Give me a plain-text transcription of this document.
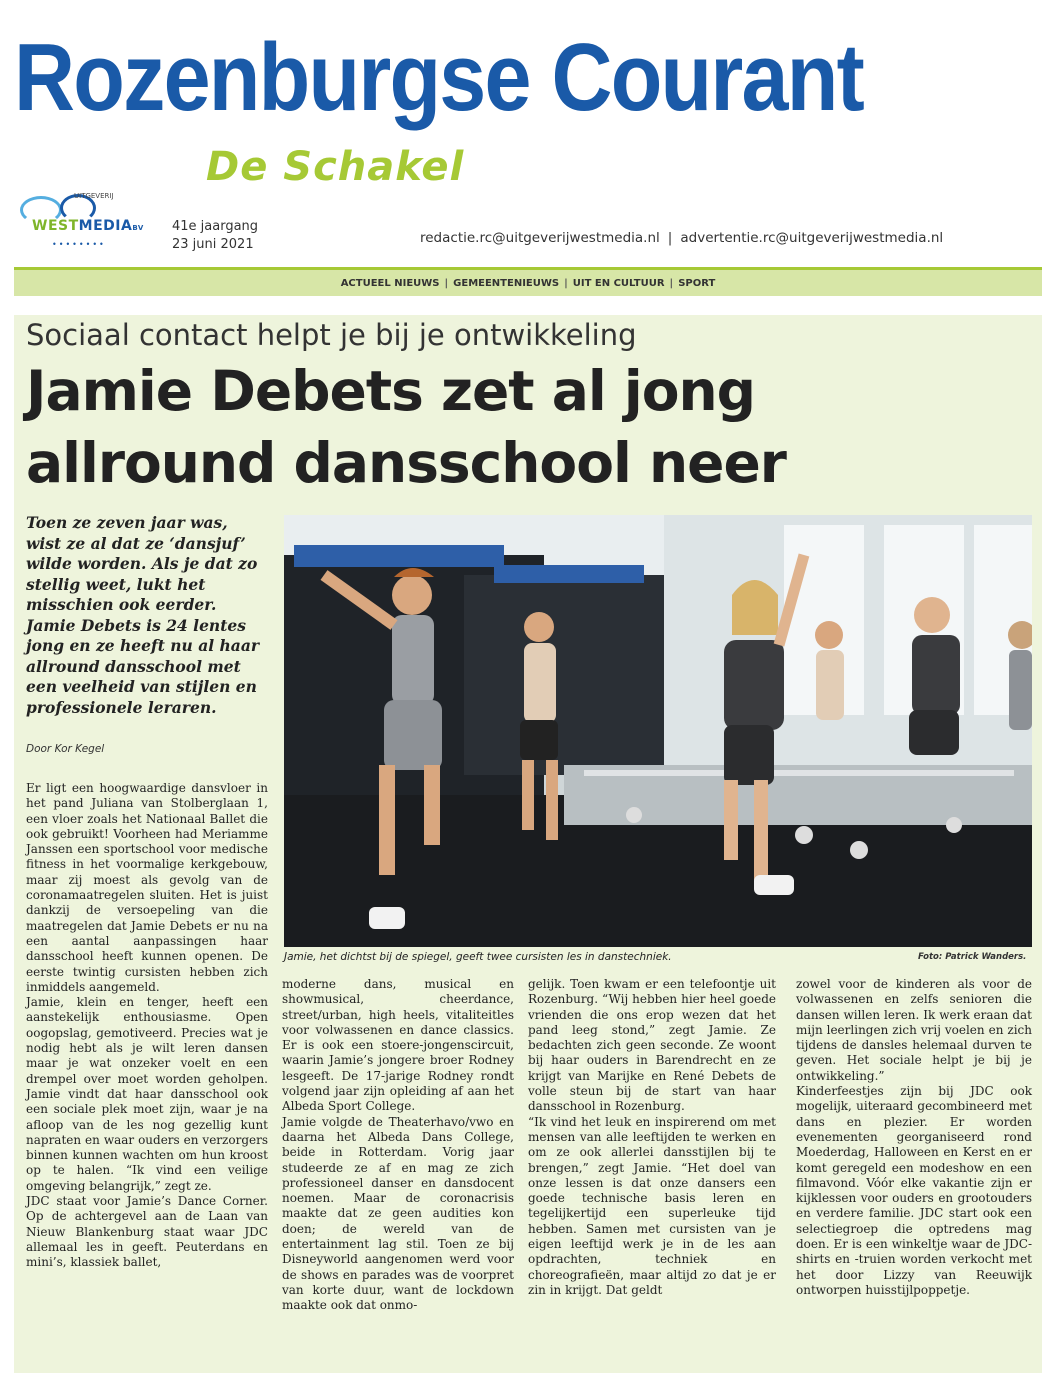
Rozenburgse Courant
De Schakel
UITGEVERIJ
WESTMEDIABV
••••••••
41e jaargang
23 juni 2021	redactie.rc@uitgeverijwestmedia.nl | advertentie.rc@uitgeverijwestmedia.nl
ACTUEEL NIEUWS | GEMEENTENIEUWS | UIT EN CULTUUR | SPORT
Sociaal contact helpt je bij je ontwikkeling
Jamie Debets zet al jong
allround dansschool neer
Toen ze zeven jaar was, wist ze al dat ze ‘dansjuf’ wilde worden. Als je dat zo stellig weet, lukt het misschien ook eerder. Jamie Debets is 24 lentes jong en ze heeft nu al haar allround dansschool met een veelheid van stijlen en professionele leraren.
Door Kor Kegel
Jamie, het dichtst bij de spiegel, geeft twee cursisten les in danstechniek.	Foto: Patrick Wanders.

Er ligt een hoogwaardige dansvloer in het pand Juliana van Stolberglaan 1, een vloer zoals het Nationaal Ballet die ook gebruikt! Voorheen had Meriamme Janssen een sportschool voor medische fitness in het voormalige kerkgebouw, maar zij moest als gevolg van de coronamaatregelen sluiten. Het is juist dankzij de versoepeling van die maatregelen dat Jamie Debets er nu na een aantal aanpassingen haar dansschool heeft kunnen openen. De eerste twintig cursisten hebben zich inmiddels aangemeld.

Jamie, klein en tenger, heeft een aanstekelijk enthousiasme. Open oogopslag, gemotiveerd. Precies wat je nodig hebt als je wilt leren dansen maar je wat onzeker voelt en een drempel over moet worden geholpen. Jamie vindt dat haar dansschool ook een sociale plek moet zijn, waar je na afloop van de les nog gezellig kunt napraten en waar ouders en verzorgers binnen kunnen wachten om hun kroost op te halen. “Ik vind een veilige omgeving belangrijk,” zegt ze.

JDC staat voor Jamie’s Dance Corner. Op de achtergevel aan de Laan van Nieuw Blankenburg staat waar JDC allemaal les in geeft. Peuterdans en mini’s, klassiek ballet,

moderne dans, musical en showmusical, cheerdance, street/urban, high heels, vitaliteitles voor volwassenen en dance classics. Er is ook een stoere-jongenscircuit, waarin Jamie’s jongere broer Rodney lesgeeft. De 17-jarige Rodney rondt volgend jaar zijn opleiding af aan het Albeda Sport College.

Jamie volgde de Theaterhavo/vwo en daarna het Albeda Dans College, beide in Rotterdam. Vorig jaar studeerde ze af en mag ze zich professioneel danser en dansdocent noemen. Maar de coronacrisis maakte dat ze geen audities kon doen; de wereld van de entertainment lag stil. Toen ze bij Disneyworld aangenomen werd voor de shows en parades was de voorpret van korte duur, want de lockdown maakte ook dat onmo-

gelijk. Toen kwam er een telefoontje uit Rozenburg. “Wij hebben hier heel goede vrienden die ons erop wezen dat het pand leeg stond,” zegt Jamie. Ze bedachten zich geen seconde. Ze woont bij haar ouders in Barendrecht en ze krijgt van Marijke en René Debets de volle steun bij de start van haar dansschool in Rozenburg.

“Ik vind het leuk en inspirerend om met mensen van alle leeftijden te werken en om ze ook allerlei dansstijlen bij te brengen,” zegt Jamie. “Het doel van onze lessen is dat onze dansers een goede technische basis leren en tegelijkertijd een superleuke tijd hebben. Samen met cursisten van je eigen leeftijd werk je in de les aan opdrachten, techniek en choreografieën, maar altijd zo dat je er zin in krijgt. Dat geldt

zowel voor de kinderen als voor de volwassenen en zelfs senioren die dansen willen leren. Ik werk eraan dat mijn leerlingen zich vrij voelen en zich tijdens de dansles helemaal durven te geven. Het sociale helpt je bij je ontwikkeling.”

Kinderfeestjes zijn bij JDC ook mogelijk, uiteraard gecombineerd met dans en plezier. Er worden evenementen georganiseerd rond Moederdag, Halloween en Kerst en er komt geregeld een modeshow en een filmavond. Vóór elke vakantie zijn er kijklessen voor ouders en grootouders en verdere familie. JDC start ook een selectiegroep die optredens mag doen. Er is een winkeltje waar de JDC-shirts en -truien worden verkocht met het door Lizzy van Reeuwijk ontworpen huisstijlpoppetje.
